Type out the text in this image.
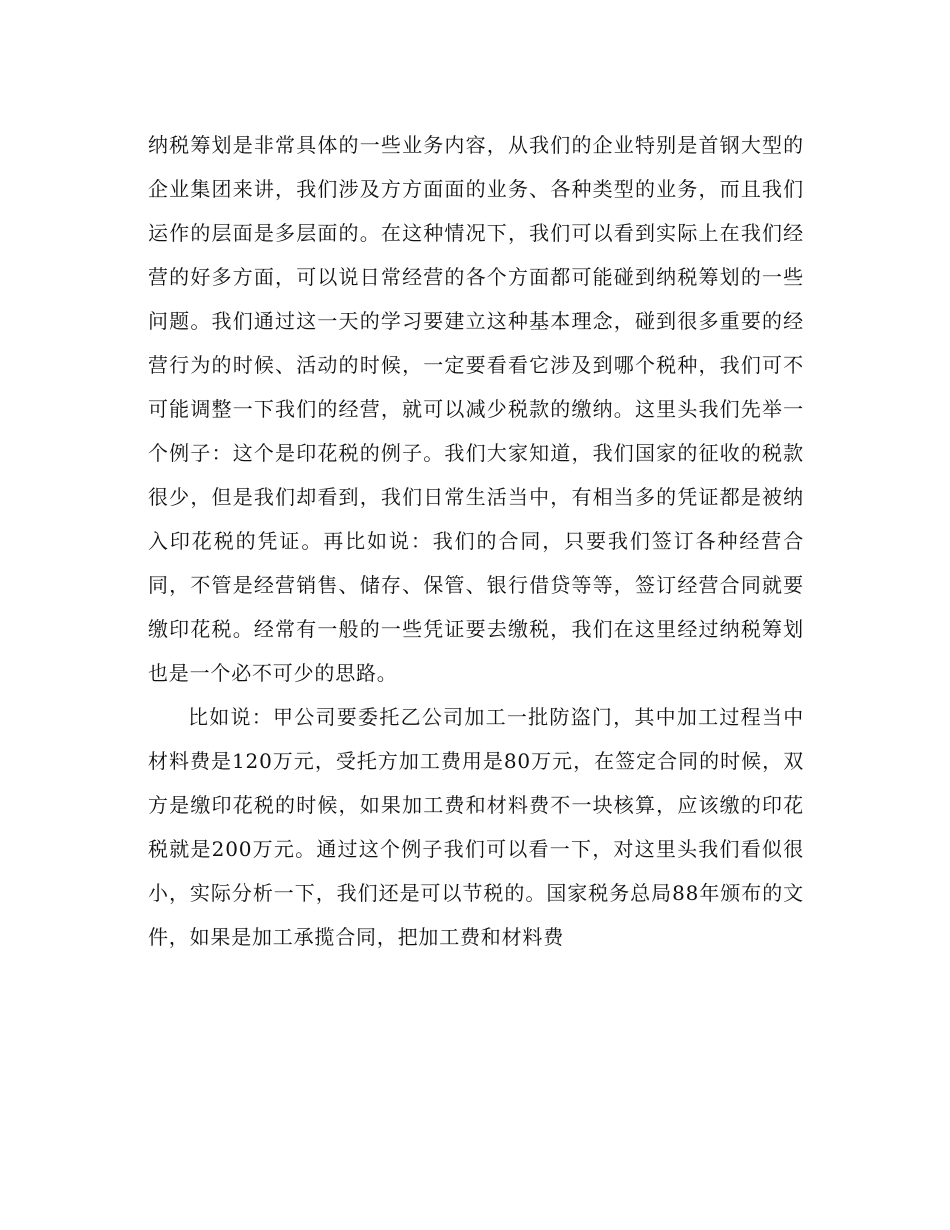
纳税筹划是非常具体的一些业务内容，从我们的企业特别是首钢大型的企业集团来讲，我们涉及方方面面的业务、各种类型的业务，而且我们运作的层面是多层面的。在这种情况下，我们可以看到实际上在我们经营的好多方面，可以说日常经营的各个方面都可能碰到纳税筹划的一些问题。我们通过这一天的学习要建立这种基本理念，碰到很多重要的经营行为的时候、活动的时候，一定要看看它涉及到哪个税种，我们可不可能调整一下我们的经营，就可以减少税款的缴纳。这里头我们先举一个例子：这个是印花税的例子。我们大家知道，我们国家的征收的税款很少，但是我们却看到，我们日常生活当中，有相当多的凭证都是被纳入印花税的凭证。再比如说：我们的合同，只要我们签订各种经营合同，不管是经营销售、储存、保管、银行借贷等等，签订经营合同就要缴印花税。经常有一般的一些凭证要去缴税，我们在这里经过纳税筹划也是一个必不可少的思路。

比如说：甲公司要委托乙公司加工一批防盗门，其中加工过程当中材料费是120万元，受托方加工费用是80万元，在签定合同的时候，双方是缴印花税的时候，如果加工费和材料费不一块核算，应该缴的印花税就是200万元。通过这个例子我们可以看一下，对这里头我们看似很小，实际分析一下，我们还是可以节税的。国家税务总局88年颁布的文件，如果是加工承揽合同，把加工费和材料费
